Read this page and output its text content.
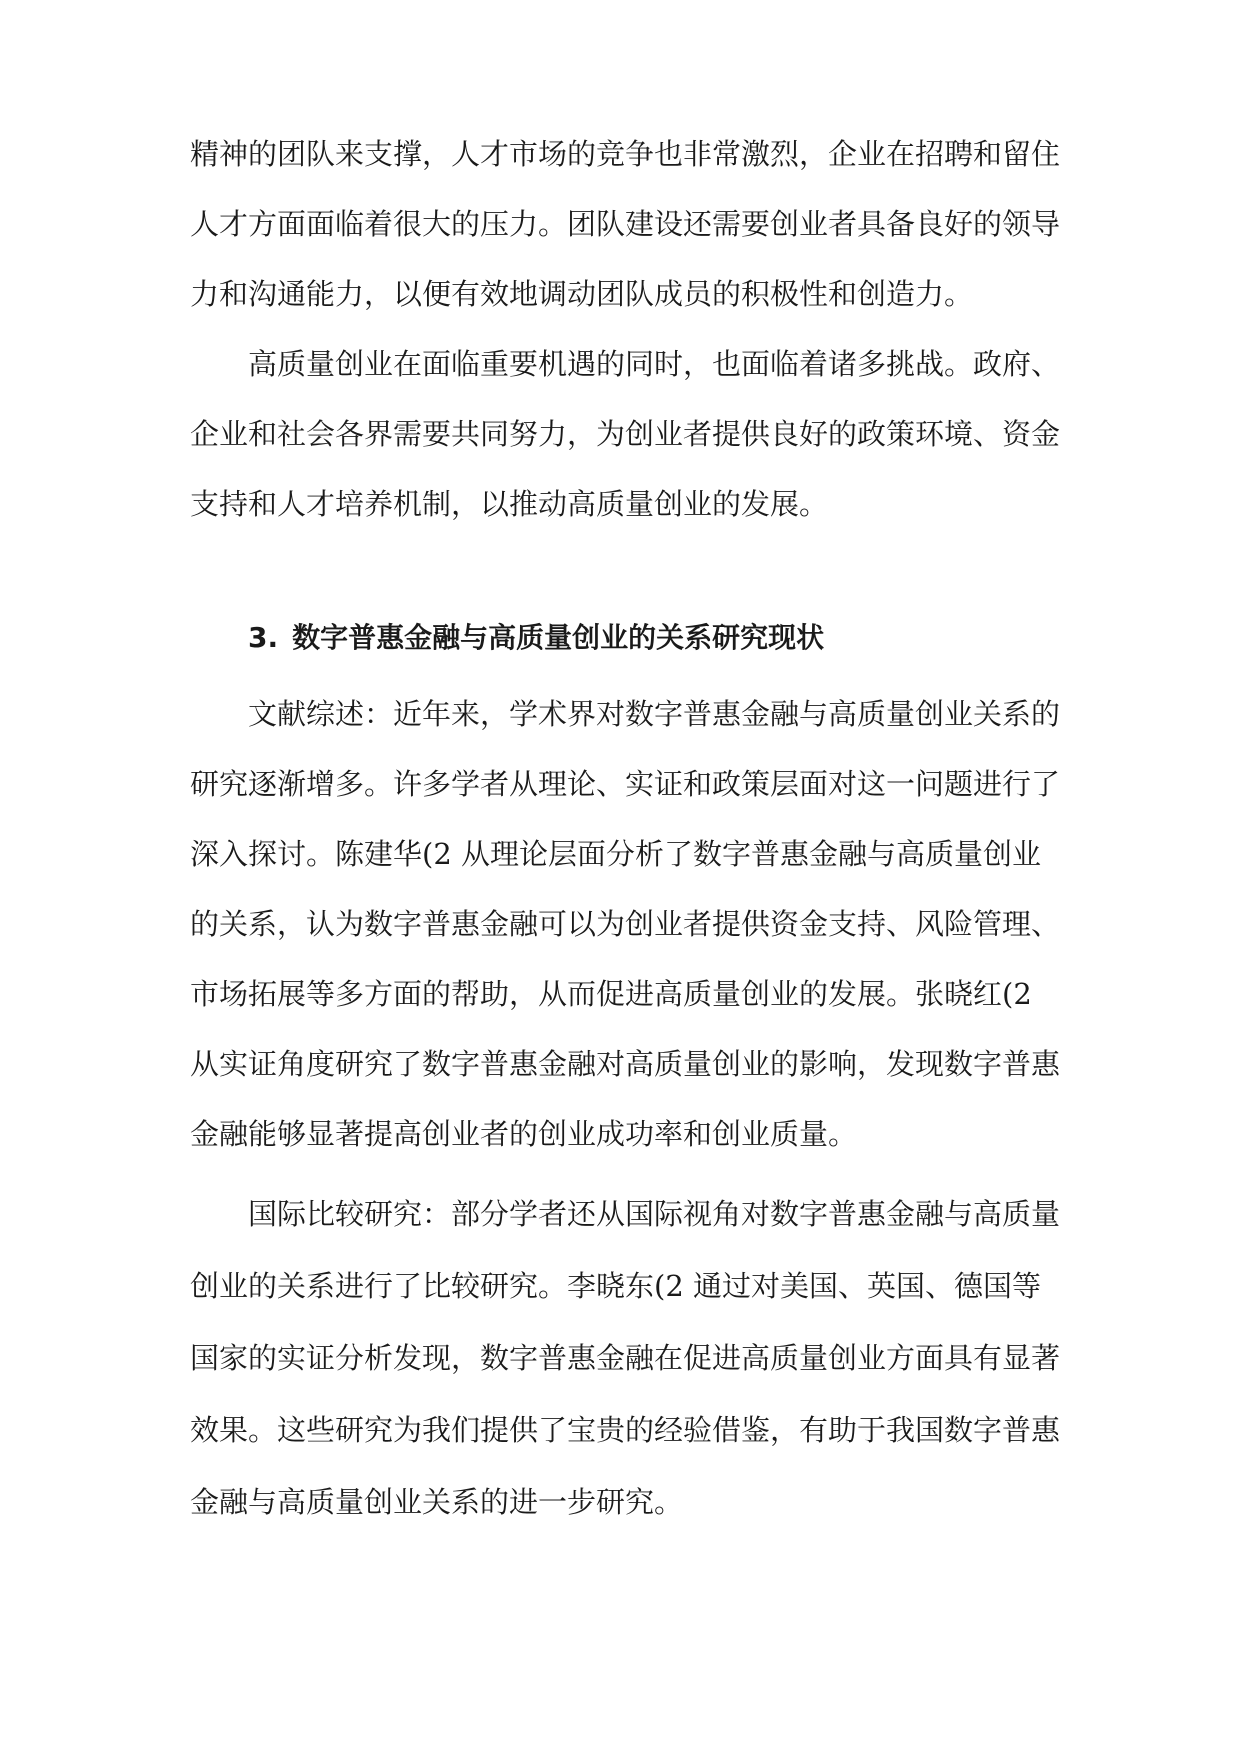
精神的团队来支撑，人才市场的竞争也非常激烈，企业在招聘和留住
人才方面面临着很大的压力。团队建设还需要创业者具备良好的领导
力和沟通能力，以便有效地调动团队成员的积极性和创造力。
高质量创业在面临重要机遇的同时，也面临着诸多挑战。政府、
企业和社会各界需要共同努力，为创业者提供良好的政策环境、资金
支持和人才培养机制，以推动高质量创业的发展。
3. 数字普惠金融与高质量创业的关系研究现状
文献综述：近年来，学术界对数字普惠金融与高质量创业关系的
研究逐渐增多。许多学者从理论、实证和政策层面对这一问题进行了
深入探讨。陈建华(2 从理论层面分析了数字普惠金融与高质量创业
的关系，认为数字普惠金融可以为创业者提供资金支持、风险管理、
市场拓展等多方面的帮助，从而促进高质量创业的发展。张晓红(2
从实证角度研究了数字普惠金融对高质量创业的影响，发现数字普惠
金融能够显著提高创业者的创业成功率和创业质量。
国际比较研究：部分学者还从国际视角对数字普惠金融与高质量
创业的关系进行了比较研究。李晓东(2 通过对美国、英国、德国等
国家的实证分析发现，数字普惠金融在促进高质量创业方面具有显著
效果。这些研究为我们提供了宝贵的经验借鉴，有助于我国数字普惠
金融与高质量创业关系的进一步研究。
